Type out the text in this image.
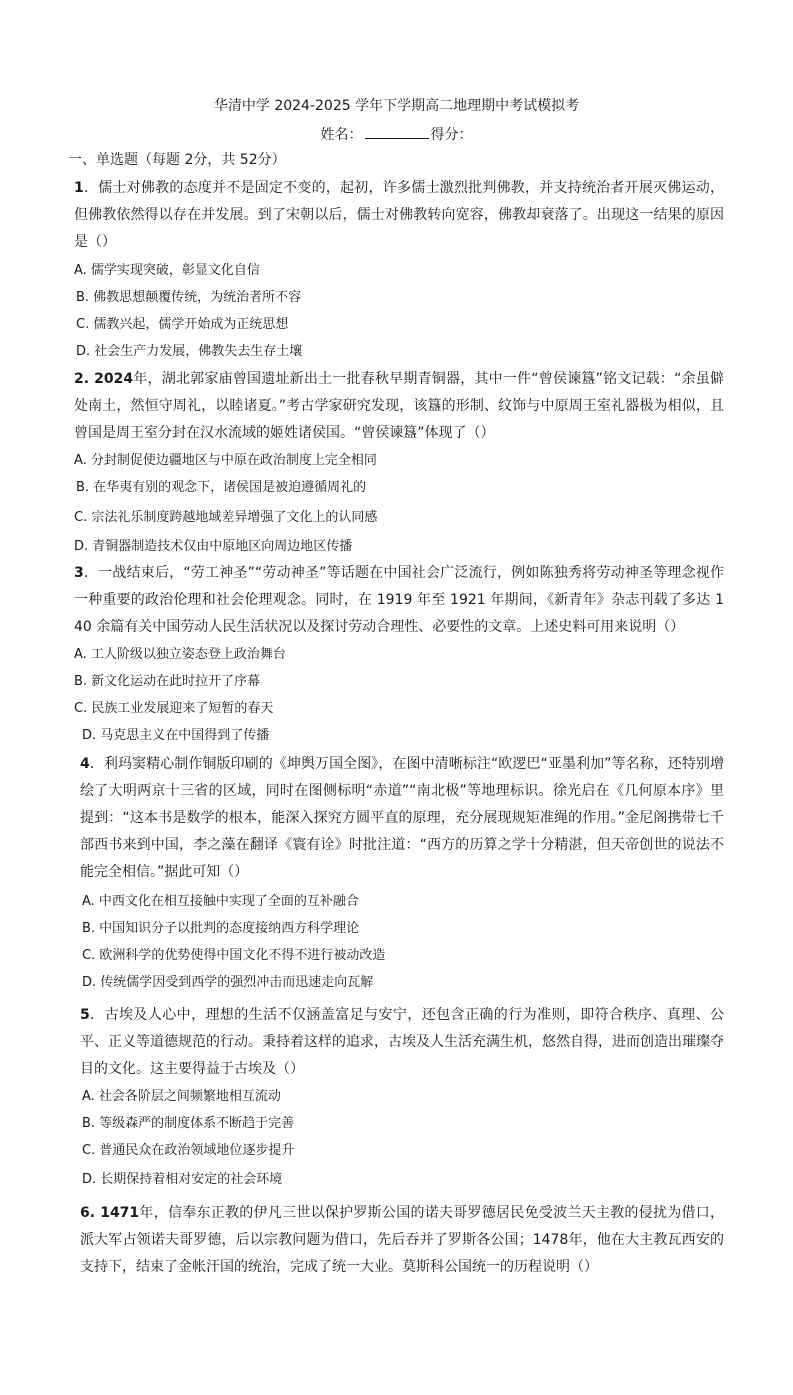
华清中学 2024-2025 学年下学期高二地理期中考试模拟考
姓名：	得分：
一、单选题（每题 2分，共 52分）
1．儒士对佛教的态度并不是固定不变的，起初，许多儒士激烈批判佛教，并支持统治者开展灭佛运动，但佛教依然得以存在并发展。到了宋朝以后，儒士对佛教转向宽容，佛教却衰落了。出现这一结果的原因是（）
A. 儒学实现突破，彰显文化自信
B. 佛教思想颠覆传统，为统治者所不容
C. 儒教兴起，儒学开始成为正统思想
D. 社会生产力发展，佛教失去生存土壤
2. 2024年，湖北郭家庙曾国遗址新出土一批春秋早期青铜器，其中一件“曾侯谏簋”铭文记载：“余虽僻处南土，然恒守周礼，以睦诸夏。”考古学家研究发现，该簋的形制、纹饰与中原周王室礼器极为相似，且曾国是周王室分封在汉水流域的姬姓诸侯国。“曾侯谏簋”体现了（）
A. 分封制促使边疆地区与中原在政治制度上完全相同
B. 在华夷有别的观念下，诸侯国是被迫遵循周礼的
C. 宗法礼乐制度跨越地域差异增强了文化上的认同感
D. 青铜器制造技术仅由中原地区向周边地区传播
3．一战结束后，“劳工神圣”“劳动神圣”等话题在中国社会广泛流行，例如陈独秀将劳动神圣等理念视作一种重要的政治伦理和社会伦理观念。同时，在 1919 年至 1921 年期间，《新青年》杂志刊载了多达 140 余篇有关中国劳动人民生活状况以及探讨劳动合理性、必要性的文章。上述史料可用来说明（）
A. 工人阶级以独立姿态登上政治舞台
B. 新文化运动在此时拉开了序幕
C. 民族工业发展迎来了短暂的春天
D. 马克思主义在中国得到了传播
4．利玛窦精心制作铜版印刷的《坤舆万国全图》，在图中清晰标注“欧逻巴“亚墨利加”等名称，还特别增绘了大明两京十三省的区域，同时在图侧标明“赤道”“南北极”等地理标识。徐光启在《几何原本序》里提到：“这本书是数学的根本，能深入探究方圆平直的原理，充分展现规矩准绳的作用。”金尼阁携带七千部西书来到中国，李之藻在翻译《寰有诠》时批注道：“西方的历算之学十分精湛，但天帝创世的说法不能完全相信。”据此可知（）
A. 中西文化在相互接触中实现了全面的互补融合
B. 中国知识分子以批判的态度接纳西方科学理论
C. 欧洲科学的优势使得中国文化不得不进行被动改造
D. 传统儒学因受到西学的强烈冲击而迅速走向瓦解
5．古埃及人心中，理想的生活不仅涵盖富足与安宁，还包含正确的行为准则，即符合秩序、真理、公平、正义等道德规范的行动。秉持着这样的追求，古埃及人生活充满生机，悠然自得，进而创造出璀璨夺目的文化。这主要得益于古埃及（）
A. 社会各阶层之间频繁地相互流动
B. 等级森严的制度体系不断趋于完善
C. 普通民众在政治领域地位逐步提升
D. 长期保持着相对安定的社会环境
6. 1471年，信奉东正教的伊凡三世以保护罗斯公国的诺夫哥罗德居民免受波兰天主教的侵扰为借口，派大军占领诺夫哥罗德，后以宗教问题为借口，先后吞并了罗斯各公国；1478年，他在大主教瓦西安的支持下，结束了金帐汗国的统治，完成了统一大业。莫斯科公国统一的历程说明（）
